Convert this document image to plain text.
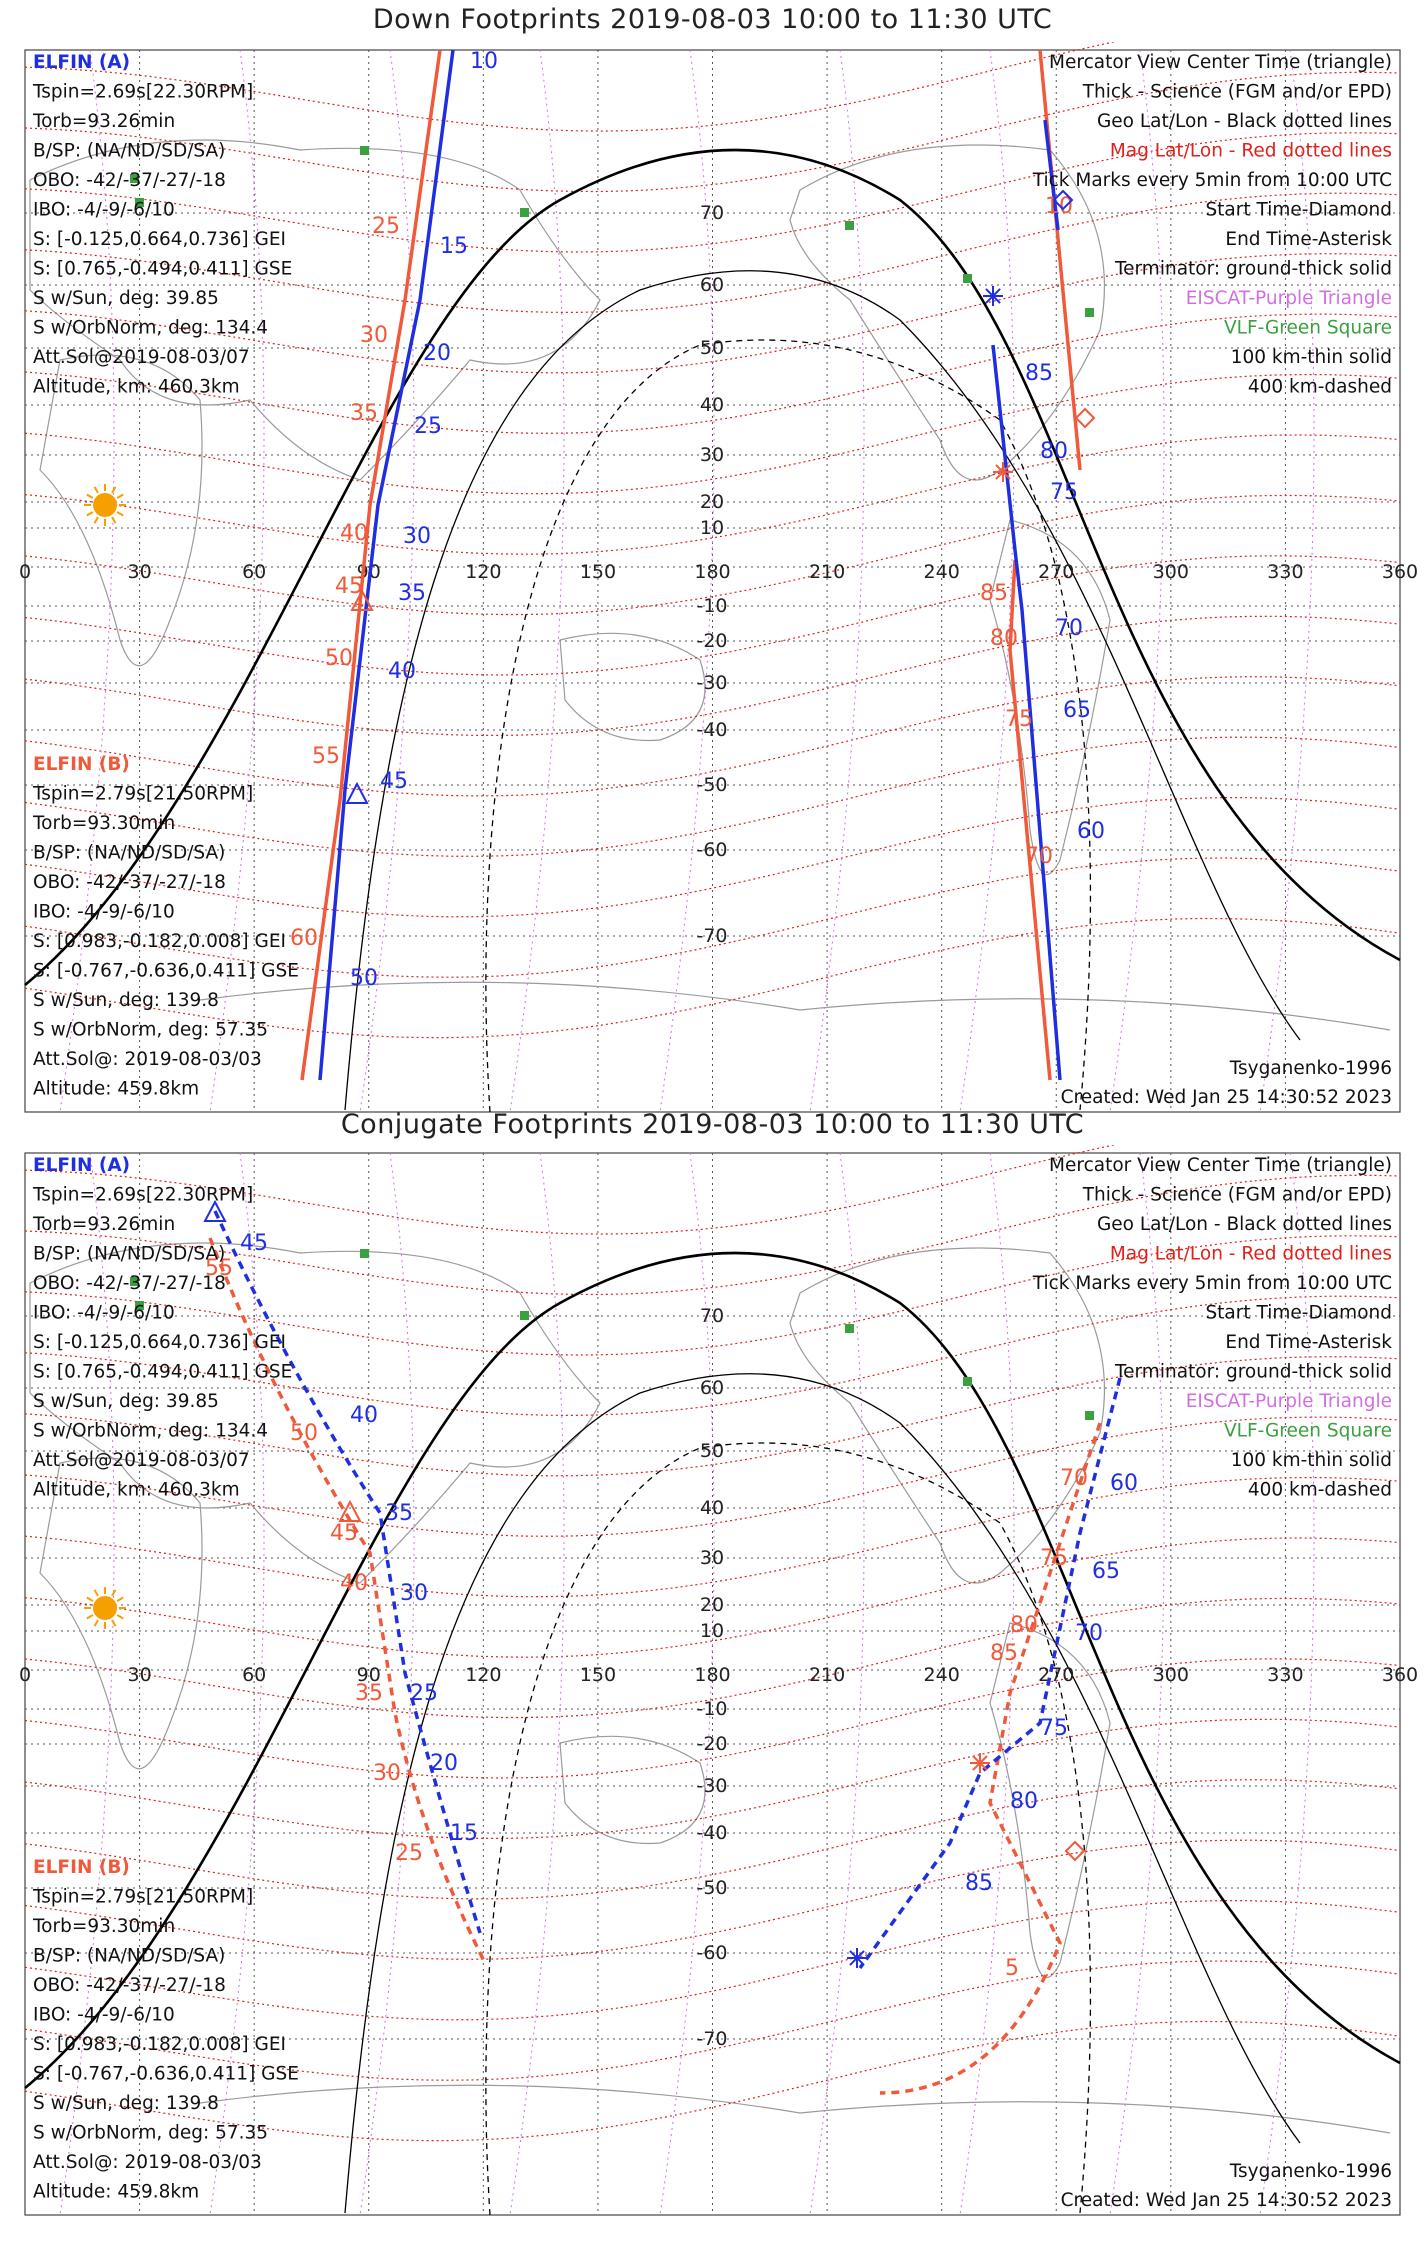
Down Footprints 2019-08-03 10:00 to 11:30 UTC
0	30	60	90	120	150	180	210	240	270	300	330	360
70
60
50
40
30
20
10
-10
-20
-30
-40
-50
-60
-70
10
15
20
25
30
35
40
45
50
85
80
75
70
65
60
25
30
35
40
45
50
55
60
10
85
80
75
70
ELFIN (A)
Tspin=2.69s[22.30RPM]
Torb=93.26min
B/SP: (NA/ND/SD/SA)
OBO: -42/-37/-27/-18
IBO: -4/-9/-6/10
S: [-0.125,0.664,0.736] GEI
S: [0.765,-0.494,0.411] GSE
S w/Sun, deg: 39.85
S w/OrbNorm, deg: 134.4
Att.Sol@2019-08-03/07
Altitude, km: 460.3km
ELFIN (B)
Tspin=2.79s[21.50RPM]
Torb=93.30min
B/SP: (NA/ND/SD/SA)
OBO: -42/-37/-27/-18
IBO: -4/-9/-6/10
S: [0.983,-0.182,0.008] GEI
S: [-0.767,-0.636,0.411] GSE
S w/Sun, deg: 139.8
S w/OrbNorm, deg: 57.35
Att.Sol@: 2019-08-03/03
Altitude: 459.8km
Mercator View Center Time (triangle)
Thick - Science (FGM and/or EPD)
Geo Lat/Lon - Black dotted lines
Mag Lat/Lon - Red dotted lines
Tick Marks every 5min from 10:00 UTC
Start Time-Diamond
End Time-Asterisk
Terminator: ground-thick solid
EISCAT-Purple Triangle
VLF-Green Square
100 km-thin solid
400 km-dashed
Tsyganenko-1996
Created: Wed Jan 25 14:30:52 2023
Conjugate Footprints 2019-08-03 10:00 to 11:30 UTC
0	30	60	90	120	150	180	210	240	270	300	330	360
70
60
50
40
30
20
10
-10
-20
-30
-40
-50
-60
-70
45
40
35
30
25
20
15
60
65
70
75
80
85
55
50
45
40
35
30
25
70
75
80
85
5
ELFIN (A)
Tspin=2.69s[22.30RPM]
Torb=93.26min
B/SP: (NA/ND/SD/SA)
OBO: -42/-37/-27/-18
IBO: -4/-9/-6/10
S: [-0.125,0.664,0.736] GEI
S: [0.765,-0.494,0.411] GSE
S w/Sun, deg: 39.85
S w/OrbNorm, deg: 134.4
Att.Sol@2019-08-03/07
Altitude, km: 460.3km
ELFIN (B)
Tspin=2.79s[21.50RPM]
Torb=93.30min
B/SP: (NA/ND/SD/SA)
OBO: -42/-37/-27/-18
IBO: -4/-9/-6/10
S: [0.983,-0.182,0.008] GEI
S: [-0.767,-0.636,0.411] GSE
S w/Sun, deg: 139.8
S w/OrbNorm, deg: 57.35
Att.Sol@: 2019-08-03/03
Altitude: 459.8km
Mercator View Center Time (triangle)
Thick - Science (FGM and/or EPD)
Geo Lat/Lon - Black dotted lines
Mag Lat/Lon - Red dotted lines
Tick Marks every 5min from 10:00 UTC
Start Time-Diamond
End Time-Asterisk
Terminator: ground-thick solid
EISCAT-Purple Triangle
VLF-Green Square
100 km-thin solid
400 km-dashed
Tsyganenko-1996
Created: Wed Jan 25 14:30:52 2023
